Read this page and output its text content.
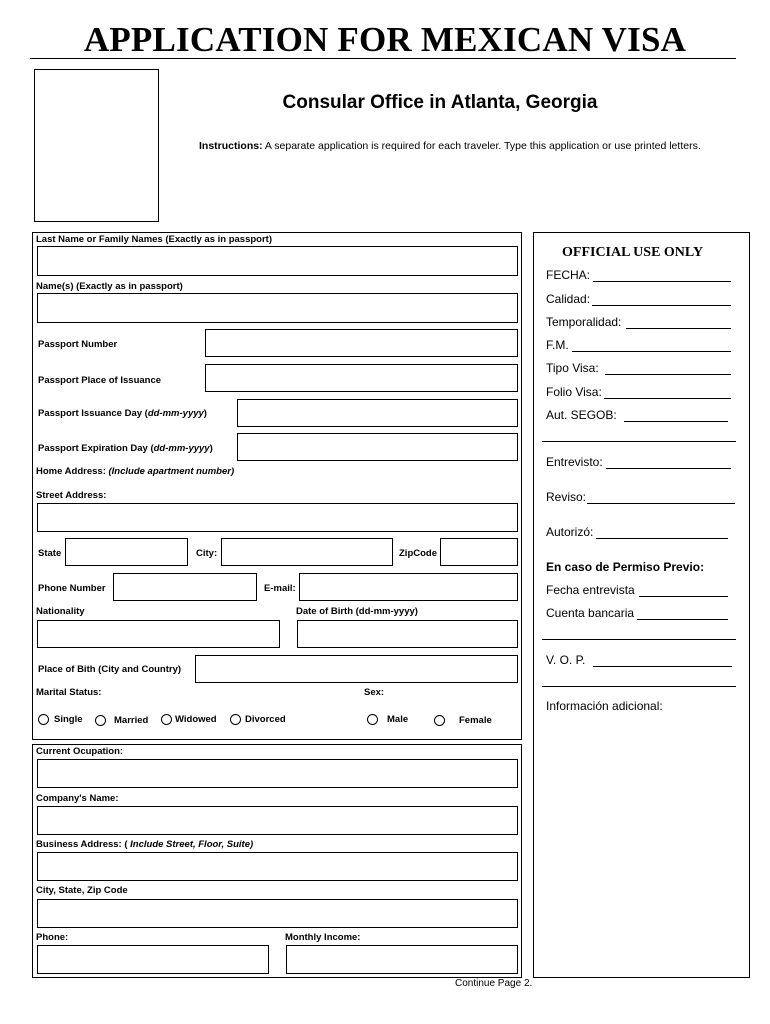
APPLICATION FOR MEXICAN VISA
Consular Office in Atlanta, Georgia
Instructions: A separate application is required for each traveler. Type this application or use printed letters.
Last Name or Family Names (Exactly as in passport)
Name(s) (Exactly as in passport)
Passport Number
Passport Place of Issuance
Passport Issuance Day (dd-mm-yyyy)
Passport Expiration Day (dd-mm-yyyy)
Home Address: (Include apartment number)
Street Address:
State	City:	ZipCode
Phone Number	E-mail:
Nationality	Date of Birth (dd-mm-yyyy)
Place of Bith (City and Country)
Marital Status:	Sex:
Single	Married	Widowed	Divorced	Male	Female
Current Ocupation:
Company's Name:
Business Address: ( Include Street, Floor, Suite)
City, State, Zip Code
Phone:	Monthly Income:
OFFICIAL USE ONLY
FECHA:
Calidad:
Temporalidad:
F.M.
Tipo Visa:
Folio Visa:
Aut. SEGOB:
Entrevisto:
Reviso:
Autorizó:
En caso de Permiso Previo:
Fecha entrevista
Cuenta bancaria
V. O. P.
Información adicional:
Continue Page 2.
